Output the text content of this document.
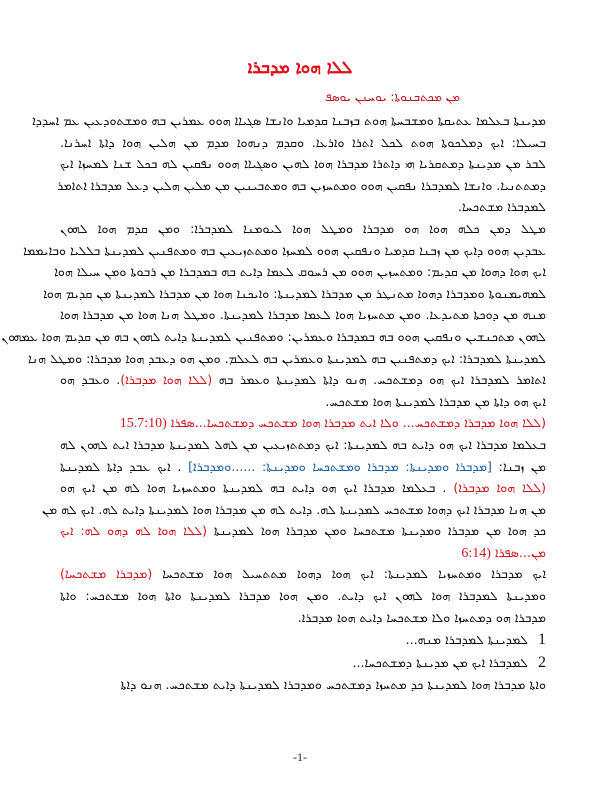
ܠܠܐ ܗܘܐ ܡܕܒܪܐ
ܡܢ ܡܟܬܒܢܘܬܐ: ܝܘܚܢܢ ܝܘܣܦ
ܡܕܝܢܬܐ ܒܥܠܡܐ ܥܬܝܩܬܐ ܘܡܫܒܚܬܐ ܗܘܬ ܒܙܒܢܐ ܩܕܡܝܐ ܘܐܢܫܐ ܣܓܝܐܐ ܗܘܘ ܥܡܪܝܢ ܒܗ ܘܡܫܬܘܕܥܝܢ ܥܡ ܐܚܕܕܐ
ܒܚܝܠܐ: ܐܝܟ ܕܡܠܟܘܬܐ ܗܘܬ ܠܟܠ ܐܬܪܐ ܘܐܪܥܐ. ܘܩܕܡ ܕܢܗܘܐ ܡܕܡ ܡܢ ܗܠܝܢ ܗܘܐ ܕܐܬܐ ܐܚܪܢܐ.
ܠܒܪ ܡܢ ܡܕܝܢܬܐ ܕܡܬܩܪܝܐ ܗܝ ܕܐܬܪܐ ܡܕܒܪܐ ܗܘܐ ܠܗܝܢ ܘܣܓܝܐܐ ܗܘܘ ܢܦܩܝܢ ܠܗ ܒܟܠ ܫܢܐ ܠܡܚܙܐ ܐܝܟ
ܕܡܬܬܢܝܐ. ܘܐܢܫܐ ܠܡܕܒܪܐ ܢܦܩܝܢ ܗܘܘ ܘܡܬܚܙܝܢ ܒܗ ܘܡܬܒܝܢܝܢ ܡܢ ܡܠܝܢ ܗܠܝܢ ܕܥܠ ܡܕܒܪܐ ܐܬܐܡܪ
ܠܡܕܒܪܐ ܡܫܬܟܚܐ.
ܡܛܠ ܕܡܢ ܟܠܗ ܗܘܐ ܗܘ ܡܕܒܪܐ ܘܡܛܠ ܗܘܐ ܠܝܘܡܢܐ ܠܡܕܒܪܐ: ܘܡܢ ܩܕܡ ܗܘܐ ܠܗܘܢ
ܥܒܕܝܢ ܗܘܘ ܕܐܝܟ ܡܢ ܙܒܢܐ ܩܕܡܝܐ ܘܢܦܩܝܢ ܗܘܘ ܠܡܚܙܐ ܘܡܬܬܙܝܥܝܢ ܒܗ ܘܡܬܦܢܝܢ ܠܡܕܝܢܬܐ ܒܠܠܝܐ ܘܒܐܝܡܡܐ
ܐܝܟ ܗܘܐ ܕܗܘܐ ܡܢ ܩܕܝܡ: ܘܡܬܚܙܝܢ ܗܘܘ ܡܢ ܪܚܘܩ ܠܥܡܐ ܕܐܝܬ ܒܗ ܒܡܕܒܪܐ ܡܢ ܪܒܘܬܐ ܘܡܢ ܚܝܠܐ ܗܘܐ
ܠܡܗܝܡܢܘܬܐ ܘܡܕܒܪܐ ܕܗܘܐ ܡܬܢܛܪ ܡܢ ܡܕܒܪܐ ܠܡܕܝܢܬܐ: ܘܐܝܟܢܐ ܗܘܐ ܡܢ ܡܕܒܪܐ ܠܡܕܝܢܬܐ ܡܢ ܩܕܝܡ ܗܘܐ
ܡܢܗ ܡܢ ܕܘܟܬܐ ܡܬܝܕܥܐ. ܘܡܢ ܡܬܚܙܝܐ ܗܘܐ ܠܥܡܐ ܡܕܒܪܐ ܠܡܕܝܢܬܐ. ܘܡܛܠ ܗܢܐ ܗܘܐ ܡܢ ܡܕܒܪܐ ܗܘܐ
ܠܗܘܢ ܡܬܟܢܫܝܢ ܘܢܦܩܝܢ ܗܘܘ ܒܗ ܒܡܕܒܪܐ ܘܥܡܪܝܢ: ܘܡܬܦܢܝܢ ܠܡܕܝܢܬܐ ܕܐܝܬ ܠܗܘܢ ܒܗ ܡܢ ܩܕܝܡ ܗܘܐ ܥܡܗܘܢ
ܠܡܕܝܢܬܐ ܠܡܕܒܪܐ: ܐܝܟ ܕܡܬܦܢܝܢ ܒܗ ܠܡܕܝܢܬܐ ܘܥܡܪܝܢ ܒܗ ܠܥܠܡ. ܘܡܢ ܗܘ ܕܥܒܕ ܗܘܐ ܡܕܒܪܐ: ܘܡܛܠ ܗܢܐ
ܐܬܐܡܪ ܠܡܕܒܪܐ ܐܝܟ ܗܘ ܕܡܫܬܟܚ. ܗܢܘ ܕܐܬܐ ܠܡܕܝܢܬܐ ܘܥܡܪ ܒܗ (ܠܠܐ ܗܘܐ ܡܕܒܪܐ). ܘܥܒܕ ܗܘ
ܐܝܟ ܗܘ ܕܐܬܐ ܡܢ ܡܕܒܪܐ ܠܡܕܝܢܬܐ ܗܘܐ ܡܫܬܟܚ.
(ܠܠܐ ܗܘܐ ܡܕܒܪܐ ܕܡܫܬܟܚ... ܘܠܐ ܐܝܬ ܡܕܒܪܐ ܗܘܐ ܡܫܬܟܚ ܕܡܫܬܟܚܐ...ܣܦܪܐ 15.7:10)
ܒܥܠܡܐ ܡܕܒܪܐ ܐܝܟ ܗܘ ܕܐܝܬ ܒܗ ܠܡܕܝܢܬܐ: ܐܝܟ ܕܡܬܬܙܝܥܝܢ ܡܢ ܠܗܠ ܠܡܕܝܢܬܐ ܡܕܒܪܐ ܐܝܬ ܠܗܘܢ ܠܗ
ܡܢ ܙܒܢܐ: [ܡܕܒܪܐ ܘܡܕܝܢܬܐ: ܡܕܒܪܐ ܘܡܫܬܟܚܐ ܘܡܕܝܢܬܐ: ......ܘܡܕܒܪܐ] . ܐܝܟ ܥܒܕ ܕܐܬܐ ܠܡܕܝܢܬܐ
(ܠܠܐ ܗܘܐ ܡܕܒܪܐ) . ܒܥܠܡܐ ܡܕܒܪܐ ܐܝܟ ܗܘ ܕܐܝܬ ܒܗ ܠܡܕܝܢܬܐ ܘܡܬܚܙܝܐ ܗܘܐ ܠܗ ܡܢ ܐܝܟ ܗܘ
ܡܢ ܗܢܐ ܡܕܒܪܐ ܐܝܟ ܕܗܘܐ ܡܫܬܟܚ ܠܡܕܝܢܬܐ ܠܗ. ܕܐܝܬ ܠܗ ܡܢ ܡܕܒܪܐ ܗܘܐ ܠܡܕܝܢܬܐ ܕܐܝܬ ܠܗ. ܐܝܟ ܠܗ ܡܢ
ܟܕ ܗܘܐ ܡܢ ܡܕܒܪܐ ܘܡܕܝܢܬܐ ܡܫܬܟܚܐ ܘܡܢ ܡܕܒܪܐ ܗܘܐ ܠܡܕܝܢܬܐ (ܠܠܐ ܗܘܐ ܠܗ ܕܗܘ ܠܗ: ܐܝܟ
ܡܢ...ܣܦܪܐ 6:14)
ܐܝܟ ܡܕܒܪܐ ܘܡܬܚܙܝܐ ܠܡܕܝܢܬܐ: ܐܝܟ ܗܘܐ ܕܗܘܐ ܡܬܬܚܝܠ ܗܘܐ ܡܫܬܟܚܐ (ܡܕܒܪܐ ܡܫܬܟܚܐ)
ܘܡܕܝܢܬܐ ܠܡܕܒܪܐ ܗܘܐ ܠܗܘܢ ܐܝܟ ܕܐܝܬ. ܘܡܢ ܗܘܐ ܡܕܒܪܐ ܠܡܕܝܢܬܐ ܘܐܬܐ ܗܘܐ ܡܫܬܟܚ: ܘܐܬܐ
ܡܕܒܪܐ ܗܘ ܕܡܬܚܙܐ ܘܠܐ ܡܫܬܟܚܐ ܕܐܝܬ ܗܘܐ ܡܕܒܪܐ.
1 ܠܡܕܝܢܬܐ ܠܡܕܒܪܐ ܡܢܗ...
2 ܠܡܕܒܪܐ ܐܝܟ ܡܢ ܡܕܝܢܬܐ ܕܡܫܬܟܚܐ...
ܘܐܬܐ ܡܕܒܪܐ ܗܘܐ ܠܡܕܝܢܬܐ ܟܕ ܡܬܚܙܐ ܕܡܫܬܟܚ ܘܡܕܒܪܐ ܠܡܕܝܢܬܐ ܕܐܝܬ ܡܫܬܟܚ. ܗܢܘ ܕܐܬܐ
-1-
